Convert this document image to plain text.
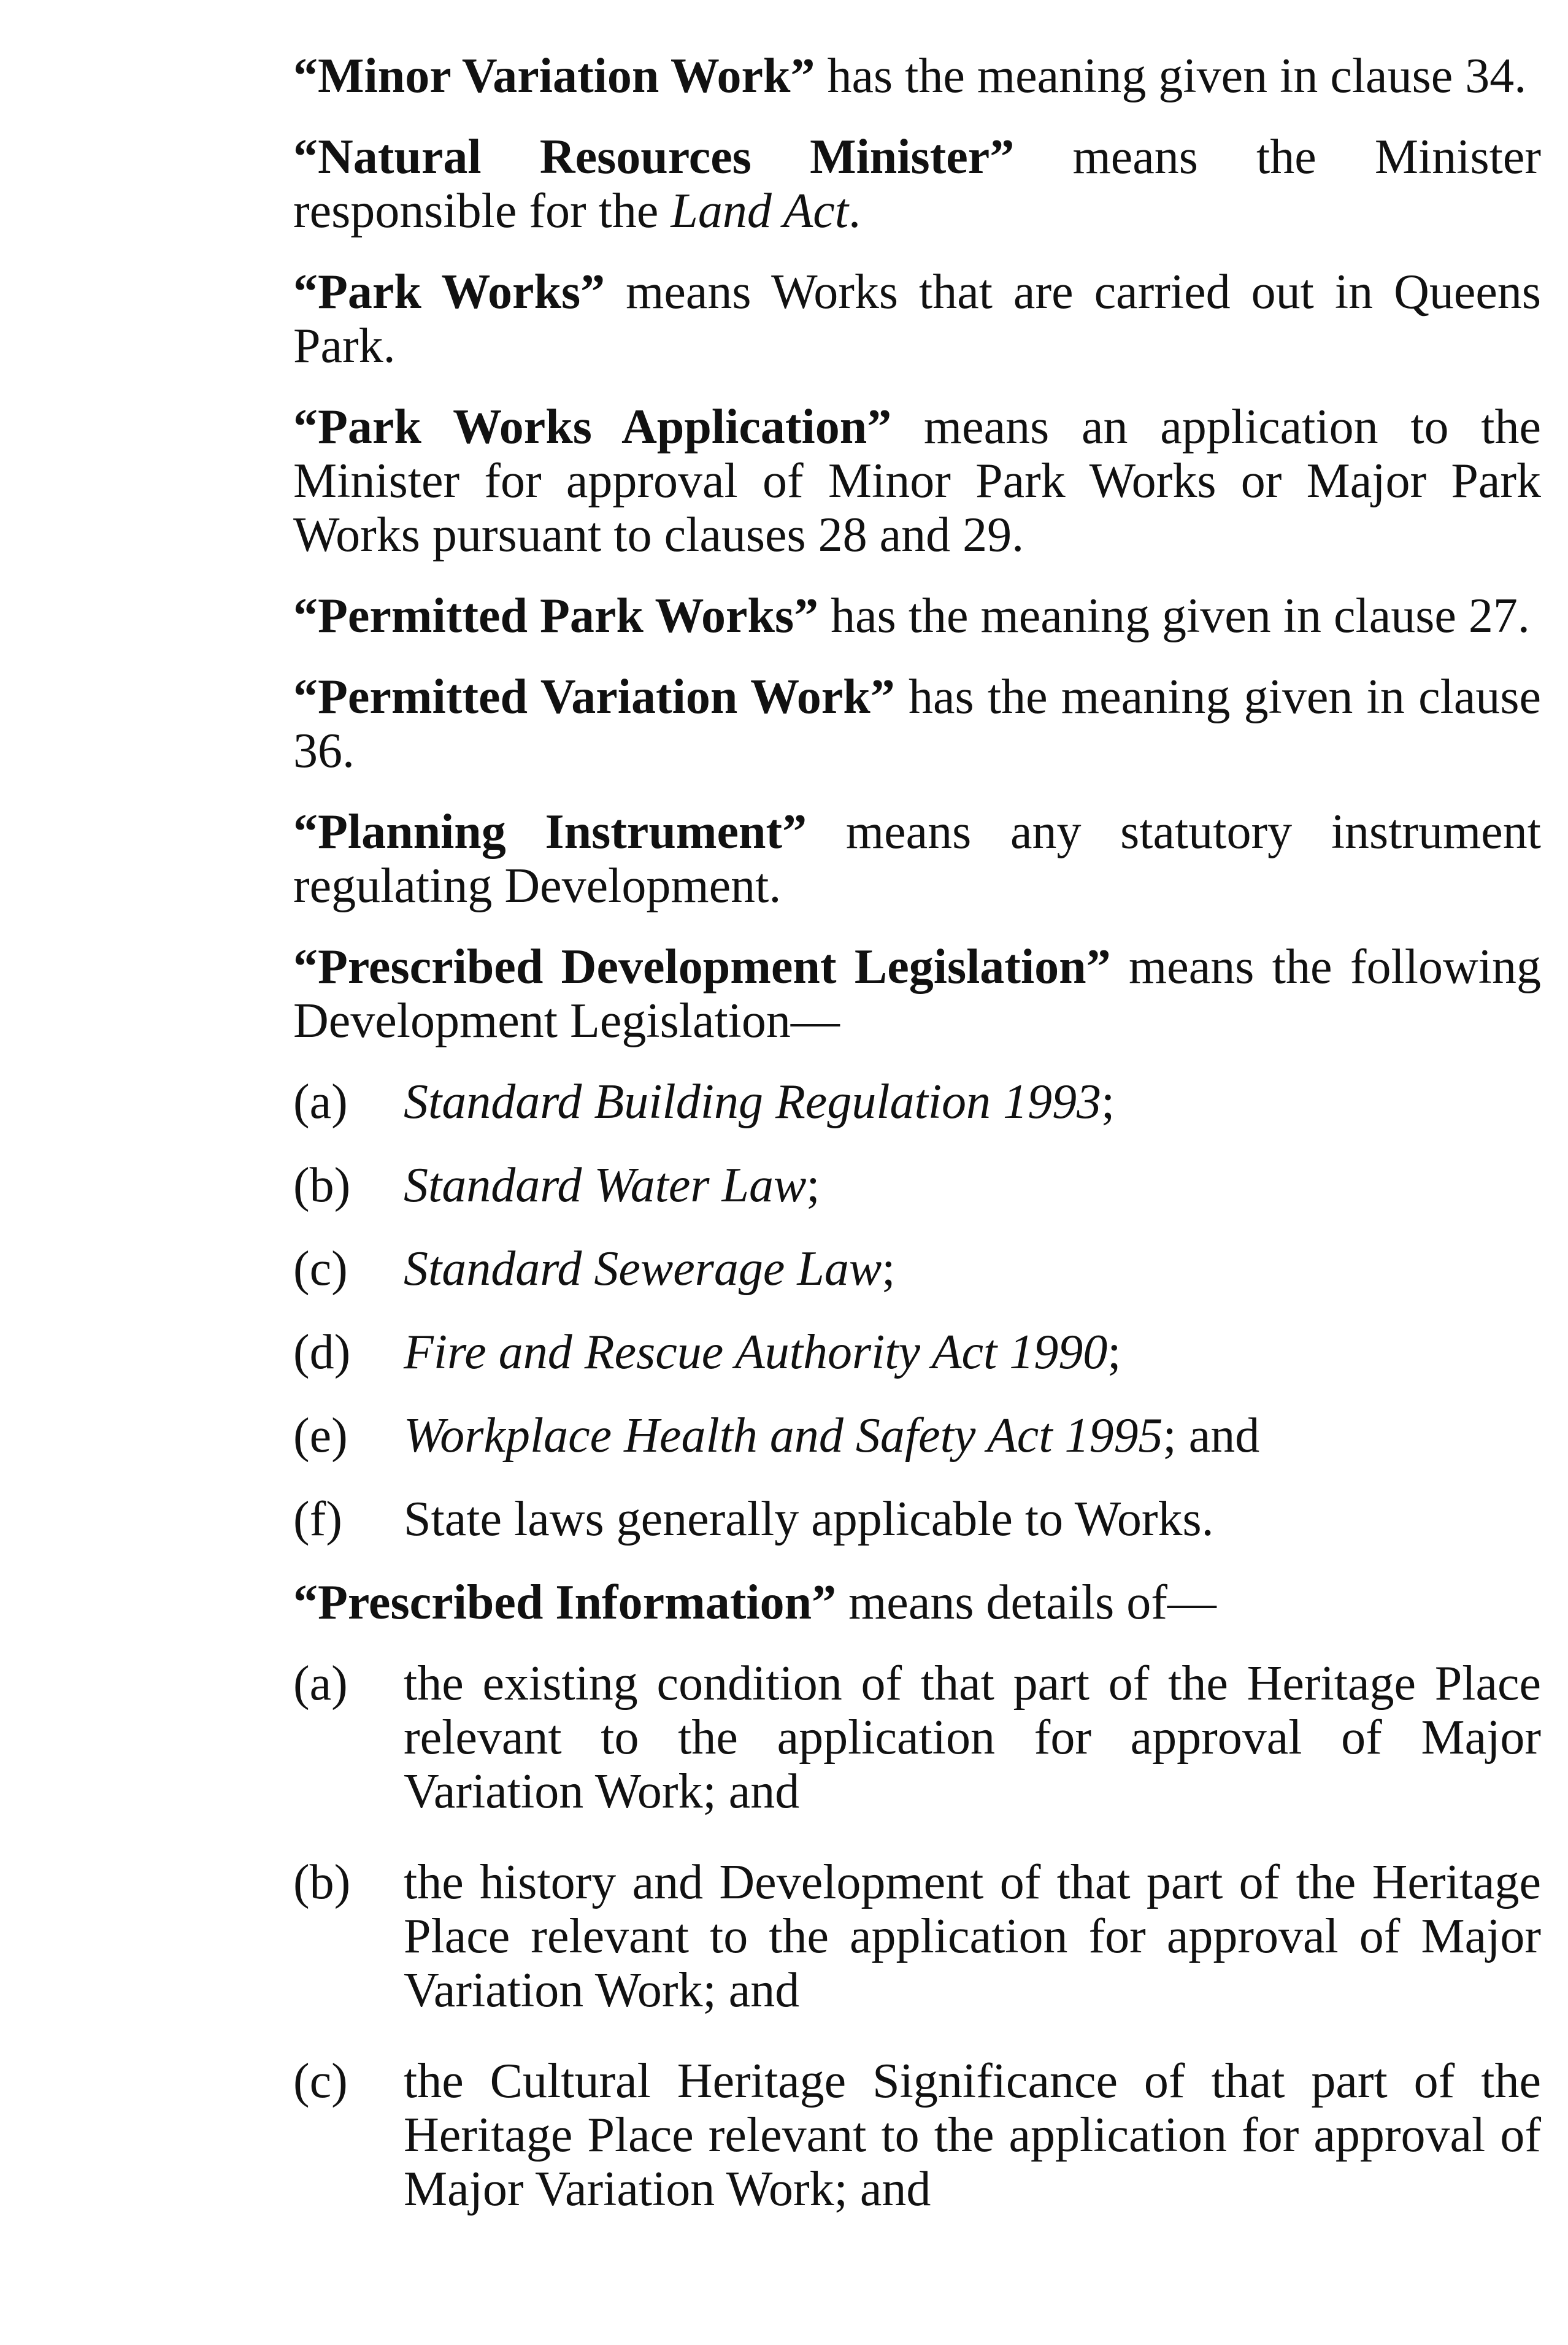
“Minor Variation Work” has the meaning given in clause 34.

“Natural Resources Minister” means the Minister responsible for the Land Act.

“Park Works” means Works that are carried out in Queens Park.

“Park Works Application” means an application to the Minister for approval of Minor Park Works or Major Park Works pursuant to clauses 28 and 29.

“Permitted Park Works” has the meaning given in clause 27.

“Permitted Variation Work” has the meaning given in clause 36.

“Planning Instrument” means any statutory instrument regulating Development.

“Prescribed Development Legislation” means the following Development Legislation—

(a) Standard Building Regulation 1993;

(b) Standard Water Law;

(c) Standard Sewerage Law;

(d) Fire and Rescue Authority Act 1990;

(e) Workplace Health and Safety Act 1995; and

(f) State laws generally applicable to Works.

“Prescribed Information” means details of—

(a) the existing condition of that part of the Heritage Place relevant to the application for approval of Major Variation Work; and

(b) the history and Development of that part of the Heritage Place relevant to the application for approval of Major Variation Work; and

(c) the Cultural Heritage Significance of that part of the Heritage Place relevant to the application for approval of Major Variation Work; and
